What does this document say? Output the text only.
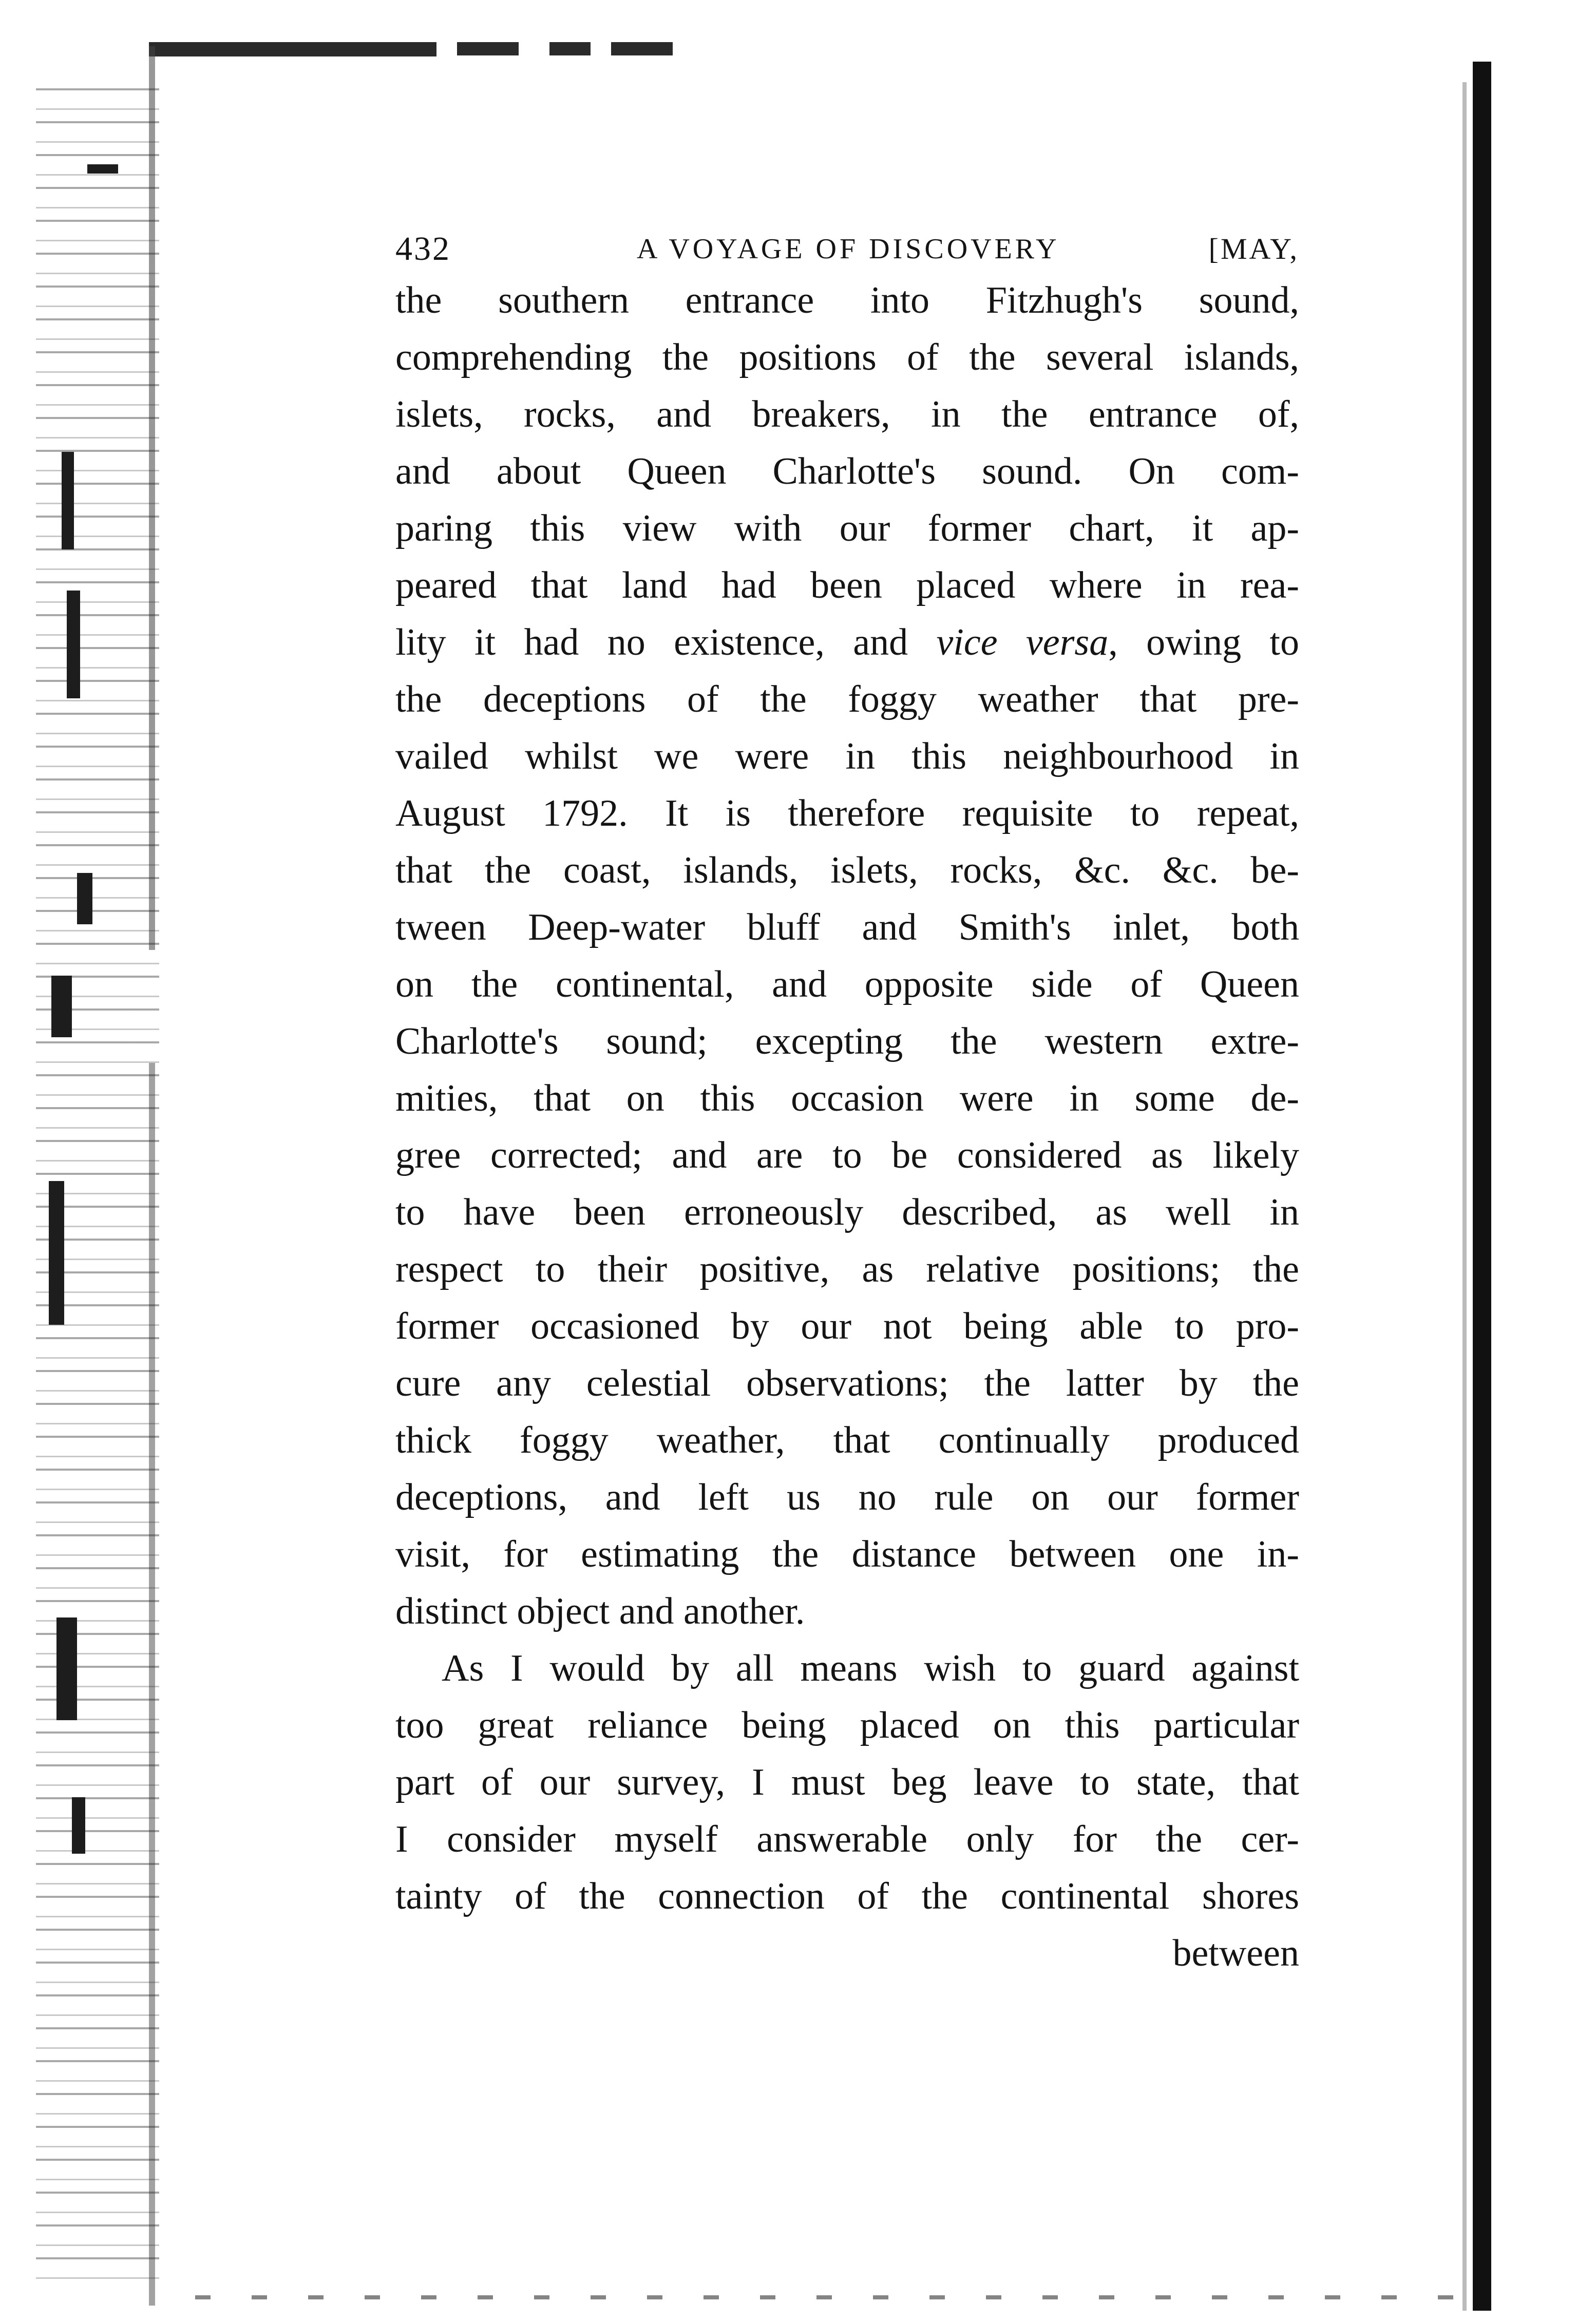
432	A VOYAGE OF DISCOVERY	[MAY,
the southern entrance into Fitzhugh's sound,
comprehending the positions of the several islands,
islets, rocks, and breakers, in the entrance of,
and about Queen Charlotte's sound. On com-
paring this view with our former chart, it ap-
peared that land had been placed where in rea-
lity it had no existence, and vice versa, owing to
the deceptions of the foggy weather that pre-
vailed whilst we were in this neighbourhood in
August 1792. It is therefore requisite to repeat,
that the coast, islands, islets, rocks, &c. &c. be-
tween Deep-water bluff and Smith's inlet, both
on the continental, and opposite side of Queen
Charlotte's sound; excepting the western extre-
mities, that on this occasion were in some de-
gree corrected; and are to be considered as likely
to have been erroneously described, as well in
respect to their positive, as relative positions; the
former occasioned by our not being able to pro-
cure any celestial observations; the latter by the
thick foggy weather, that continually produced
deceptions, and left us no rule on our former
visit, for estimating the distance between one in-
distinct object and another.
As I would by all means wish to guard against
too great reliance being placed on this particular
part of our survey, I must beg leave to state, that
I consider myself answerable only for the cer-
tainty of the connection of the continental shores
between
